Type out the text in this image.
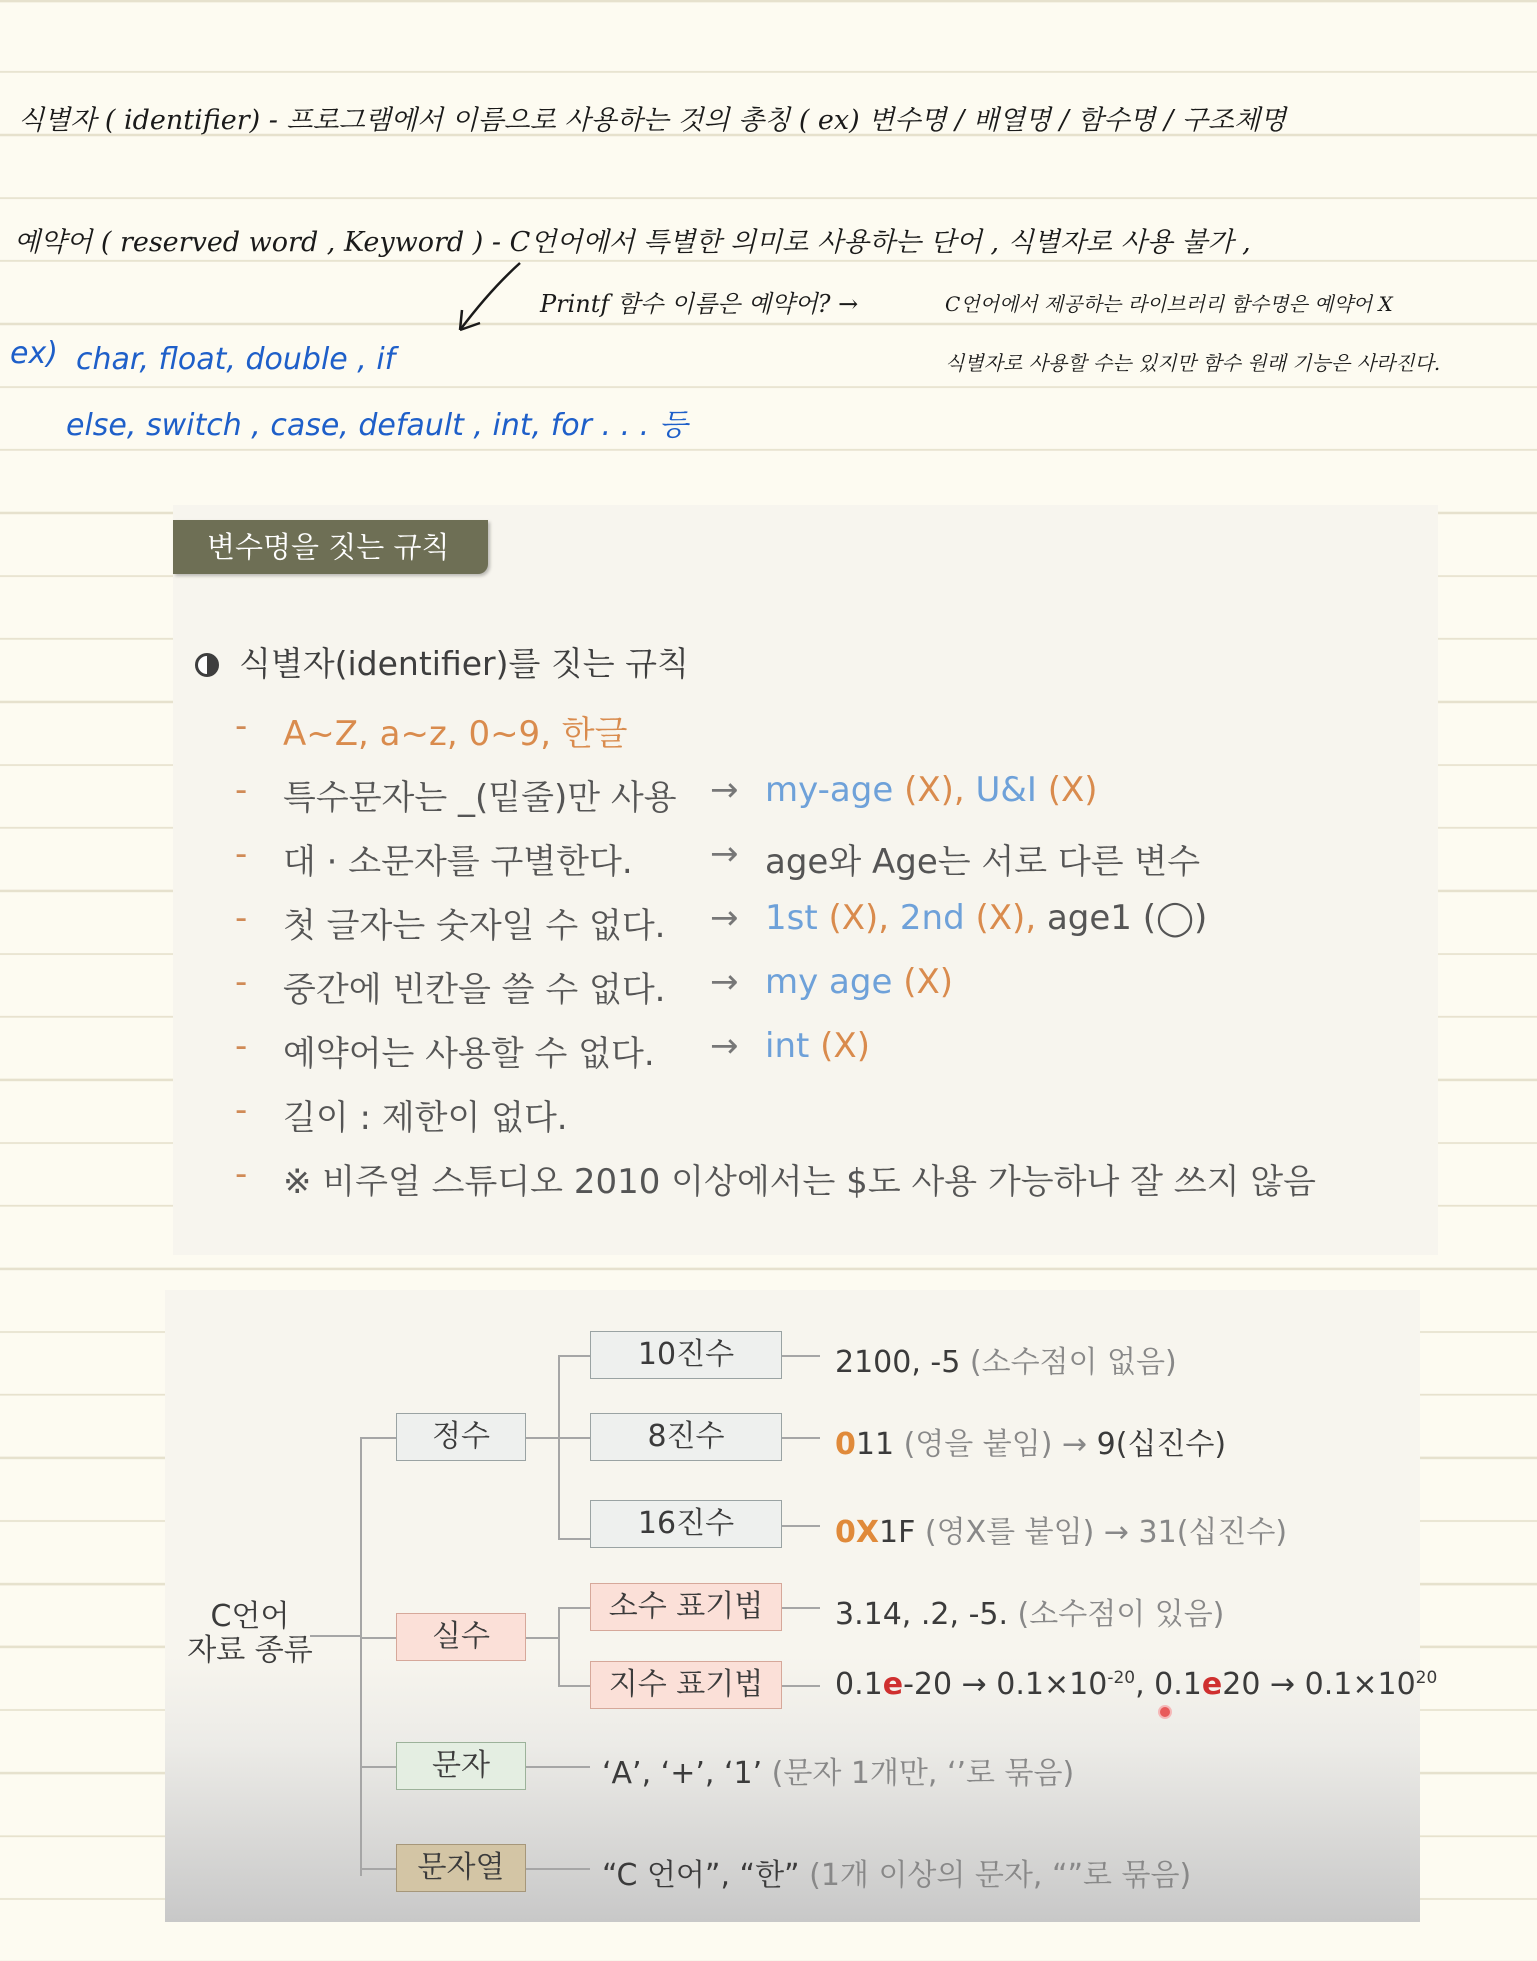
식별자 ( identifier) - 프로그램에서 이름으로 사용하는 것의 총칭 ( ex) 변수명 / 배열명 / 함수명 / 구조체명
예약어 ( reserved word , Keyword ) - C언어에서 특별한 의미로 사용하는 단어 , 식별자로 사용 불가 ,
Printf 함수 이름은 예약어? →	C언어에서 제공하는 라이브러리 함수명은 예약어 X
식별자로 사용할 수는 있지만 함수 원래 기능은 사라진다.
ex) char, float, double , if
else, switch , case, default , int, for . . . 등
변수명을 짓는 규칙
식별자(identifier)를 짓는 규칙
- A~Z, a~z, 0~9, 한글
- 특수문자는 _(밑줄)만 사용 → my-age (X), U&I (X)
- 대 · 소문자를 구별한다. → age와 Age는 서로 다른 변수
- 첫 글자는 숫자일 수 없다. → 1st (X), 2nd (X), age1 (◯)
- 중간에 빈칸을 쓸 수 없다. → my age (X)
- 예약어는 사용할 수 없다. → int (X)
- 길이 : 제한이 없다.
- ※ 비주얼 스튜디오 2010 이상에서는 $도 사용 가능하나 잘 쓰지 않음
C언어
자료 종류
정수
실수
문자
문자열
10진수
8진수
16진수
소수 표기법
지수 표기법
2100, -5 (소수점이 없음)
011 (영을 붙임) → 9(십진수)
0X1F (영X를 붙임) → 31(십진수)
3.14, .2, -5. (소수점이 있음)
$0.1e-20 \to 0.1\times 10^{-20}$, $0.1e20 \to 0.1\times 10^{20}$
‘A’, ‘+’, ‘1’ (문자 1개만, ‘’로 묶음)
“C 언어”, “한” (1개 이상의 문자, “”로 묶음)
